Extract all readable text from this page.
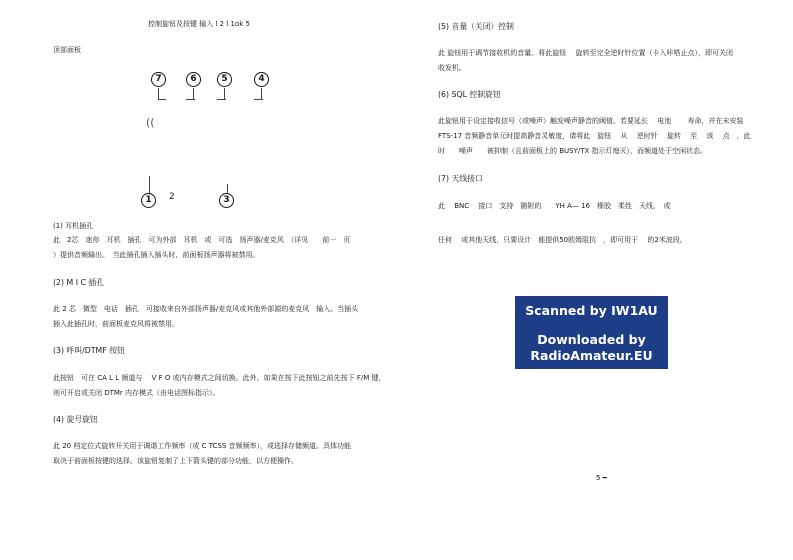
控制旋钮及按键 输入 l 2 l 1ok 5
顶部面板
7	6	5	4
((
1	2	3
(1) 耳机插孔
此　2芯　迷你　耳机　插孔　可为外部　耳机　或　可选　扬声器/麦克风　（详见　　前一　页
）提供音频输出。　当此插孔插入插头时，前面板扬声器将被禁用。
(2) M I C 插孔
此 2 芯　微型　电话　插孔　可接收来自外部扬声器/麦克风或其他外部源的麦克风　输入。当插头
插入此插孔时，前面板麦克风将被禁用。
(3) 呼叫/DTMF 按钮
此按钮　可在 CA L L 频道与　 V F O 或内存模式之间切换。此外，如果在按下此按钮之前先按下 F/M 键，
则可开启或关闭 DTMr 内存模式（由电话图标指示）。
(4) 旋号旋钮
此 20 档定位式旋转开关用于调谐工作频率（或 C TCSS 音频频率），或选择存储频道。具体功能
取决于前面板按键的选择。该旋钮复制了上下箭头键的部分功能，以方便操作。
(5) 音量（关闭）控制
此 旋钮用于调节接收机的音量。将此旋钮　 旋转至完全逆时针位置（卡入咔嗒止点），即可关闭
收发机。
(6) SQL 控制旋钮
此旋钮用于设定接收信号（或噪声）触发噪声静音的阈值。若要延长　 电池　　 寿命，并在未安装
FTS-17 音频静音单元时提高静音灵敏度，请将此　旋钮　 从　 逆时针　 旋转　 至　 该　 点　，此
时　　噪声　　被抑制（且前面板上的 BUSY/TX 指示灯熄灭），而频道处于空闲状态。
(7) 天线接口
此　 BNC　 接口　支持　随附的　　YH A— 16　橡胶　柔性　天线，　或
任何　 或其他天线，只要设计　能提供50欧姆阻抗　，即可用于　 的2米波段。
Scanned by IW1AU
Downloaded by
RadioAmateur.EU
5 ━
